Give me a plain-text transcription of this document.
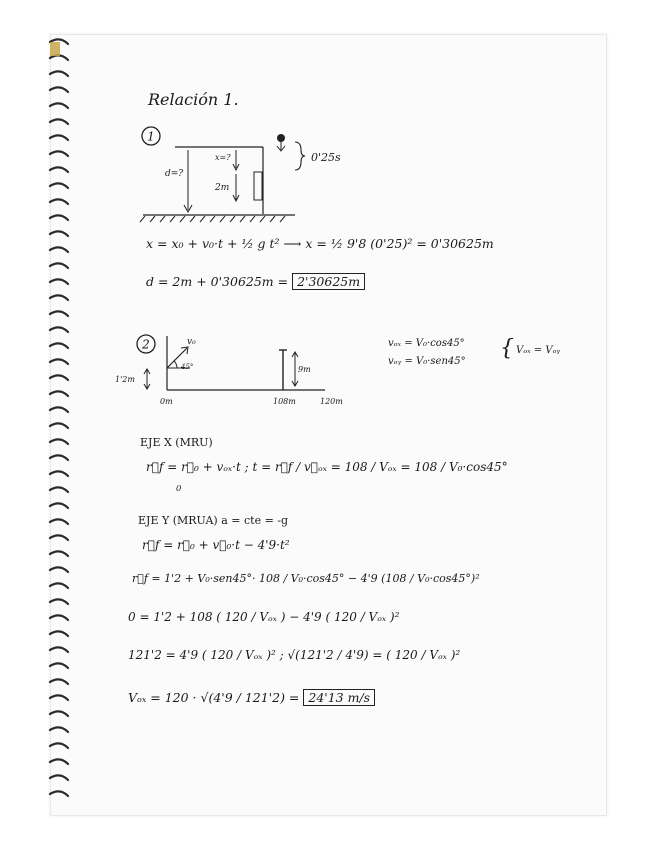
Relación 1.
1
d=?
x=?
2m
0'25s
x = x₀ + v₀·t + ½ g t² ⟶ x = ½ 9'8 (0'25)² = 0'30625m
d = 2m + 0'30625m = 2'30625m
2	v₀
45°
1'2m
9m
0m	108m	120m
vₒₓ = V₀·cos45°
vₒᵧ = V₀·sen45°
{ Vₒₓ = Vₒᵧ
EJE X (MRU)
r⃗f = r⃗₀ + vₒₓ·t ; t = r⃗f / v⃗ₒₓ = 108 / Vₒₓ = 108 / V₀·cos45°
0
EJE Y (MRUA) a = cte = -g
r⃗f = r⃗₀ + v⃗₀·t − 4'9·t²
r⃗f = 1'2 + V₀·sen45°· 108 / V₀·cos45° − 4'9 (108 / V₀·cos45°)²
0 = 1'2 + 108 ( 120 / Vₒₓ ) − 4'9 ( 120 / Vₒₓ )²
121'2 = 4'9 ( 120 / Vₒₓ )² ; √(121'2 / 4'9) = ( 120 / Vₒₓ )²
Vₒₓ = 120 · √(4'9 / 121'2) = 24'13 m/s
